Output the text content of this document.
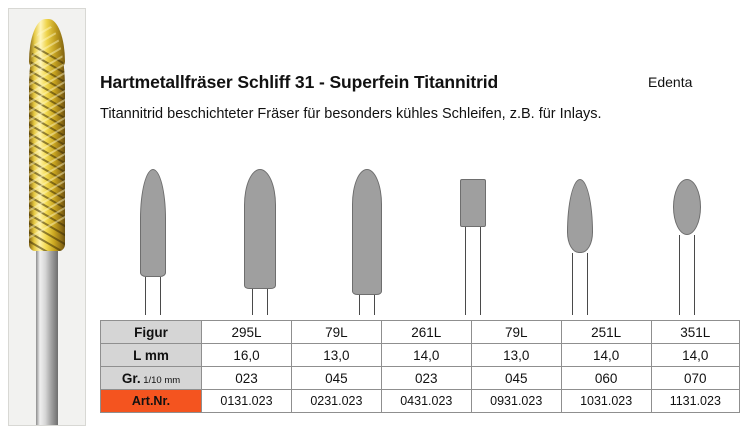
Hartmetallfräser Schliff 31 - Superfein Titannitrid	Edenta
Titannitrid beschichteter Fräser für besonders kühles Schleifen, z.B. für Inlays.
Figur	295L	79L	261L	79L	251L	351L
L mm	16,0	13,0	14,0	13,0	14,0	14,0
Gr. 1/10 mm	023	045	023	045	060	070
Art.Nr.	0131.023	0231.023	0431.023	0931.023	1031.023	1131.023
